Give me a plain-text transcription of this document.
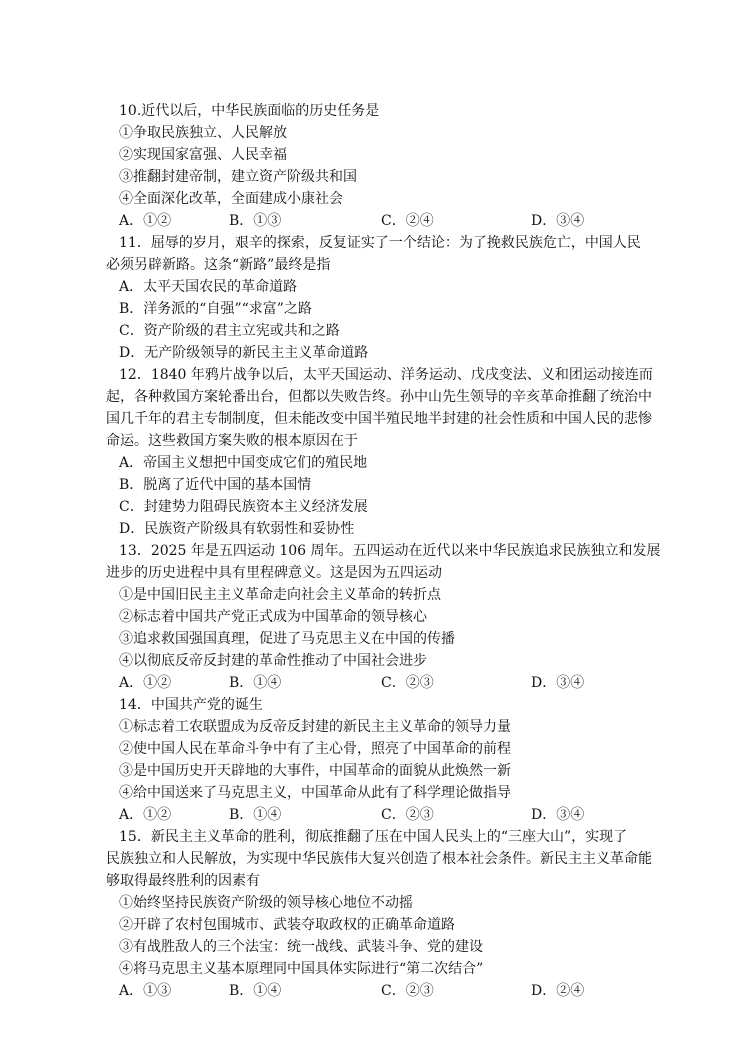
10.近代以后，中华民族面临的历史任务是
①争取民族独立、人民解放
②实现国家富强、人民幸福
③推翻封建帝制，建立资产阶级共和国
④全面深化改革，全面建成小康社会
A．①②	B．①③	C．②④	D．③④
11．屈辱的岁月，艰辛的探索，反复证实了一个结论：为了挽救民族危亡，中国人民
必须另辟新路。这条“新路”最终是指
A．太平天国农民的革命道路
B．洋务派的“自强”“求富”之路
C．资产阶级的君主立宪或共和之路
D．无产阶级领导的新民主主义革命道路
12．1840 年鸦片战争以后，太平天国运动、洋务运动、戊戌变法、义和团运动接连而
起，各种救国方案轮番出台，但都以失败告终。孙中山先生领导的辛亥革命推翻了统治中
国几千年的君主专制制度，但未能改变中国半殖民地半封建的社会性质和中国人民的悲惨
命运。这些救国方案失败的根本原因在于
A．帝国主义想把中国变成它们的殖民地
B．脱离了近代中国的基本国情
C．封建势力阻碍民族资本主义经济发展
D．民族资产阶级具有软弱性和妥协性
13．2025 年是五四运动 106 周年。五四运动在近代以来中华民族追求民族独立和发展
进步的历史进程中具有里程碑意义。这是因为五四运动
①是中国旧民主主义革命走向社会主义革命的转折点
②标志着中国共产党正式成为中国革命的领导核心
③追求救国强国真理，促进了马克思主义在中国的传播
④以彻底反帝反封建的革命性推动了中国社会进步
A．①②	B．①④	C．②③	D．③④
14．中国共产党的诞生
①标志着工农联盟成为反帝反封建的新民主主义革命的领导力量
②使中国人民在革命斗争中有了主心骨，照亮了中国革命的前程
③是中国历史开天辟地的大事件，中国革命的面貌从此焕然一新
④给中国送来了马克思主义，中国革命从此有了科学理论做指导
A．①②	B．①④	C．②③	D．③④
15．新民主主义革命的胜利，彻底推翻了压在中国人民头上的“三座大山”，实现了
民族独立和人民解放，为实现中华民族伟大复兴创造了根本社会条件。新民主主义革命能
够取得最终胜利的因素有
①始终坚持民族资产阶级的领导核心地位不动摇
②开辟了农村包围城市、武装夺取政权的正确革命道路
③有战胜敌人的三个法宝：统一战线、武装斗争、党的建设
④将马克思主义基本原理同中国具体实际进行“第二次结合”
A．①③	B．①④	C．②③	D．②④
